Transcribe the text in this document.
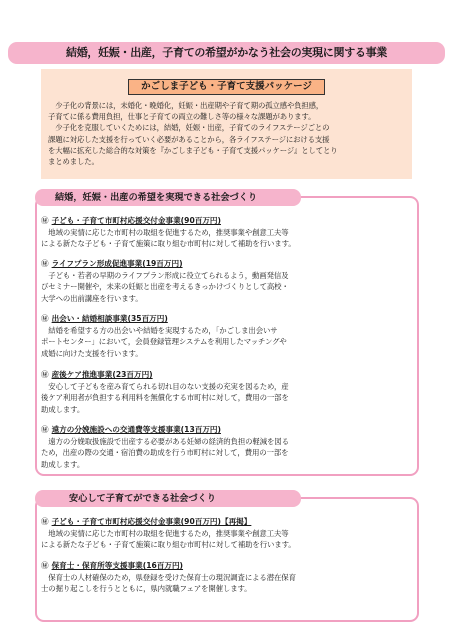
結婚，妊娠・出産，子育ての希望がかなう社会の実現に関する事業
かごしま子ども・子育て支援パッケージ
　少子化の背景には，未婚化・晩婚化，妊娠・出産期や子育て期の孤立感や負担感，
子育てに係る費用負担，仕事と子育ての両立の難しさ等の様々な課題があります。
　少子化を克服していくためには，結婚，妊娠・出産，子育てのライフステージごとの
課題に対応した支援を行っていく必要があることから，各ライフステージにおける支援
を大幅に拡充した総合的な対策を『かごしま子ども・子育て支援パッケージ』としてとり
まとめました。
結婚，妊娠・出産の希望を実現できる社会づくり
㊙ 子ども・子育て市町村応援交付金事業(90百万円)
　地域の実情に応じた市町村の取組を促進するため，推奨事業や創意工夫等
による新たな子ども・子育て施策に取り組む市町村に対して補助を行います。
㊙ ライフプラン形成促進事業(19百万円)
　子ども・若者の早期のライフプラン形成に役立てられるよう，動画発信及
びセミナー開催や，未来の妊娠と出産を考えるきっかけづくりとして高校・
大学への出前講座を行います。
㊙ 出会い・結婚相談事業(35百万円)
　結婚を希望する方の出会いや結婚を実現するため，「かごしま出会いサ
ポートセンター」において，会員登録管理システムを利用したマッチングや
成婚に向けた支援を行います。
㊙ 産後ケア推進事業(23百万円)
　安心して子どもを産み育てられる切れ目のない支援の充実を図るため，産
後ケア利用者が負担する利用料を無償化する市町村に対して，費用の一部を
助成します。
㊙ 遠方の分娩施設への交通費等支援事業(13百万円)
　遠方の分娩取扱施設で出産する必要がある妊婦の経済的負担の軽減を図る
ため，出産の際の交通・宿泊費の助成を行う市町村に対して，費用の一部を
助成します。
安心して子育てができる社会づくり
㊙ 子ども・子育て市町村応援交付金事業(90百万円)【再掲】
　地域の実情に応じた市町村の取組を促進するため，推奨事業や創意工夫等
による新たな子ども・子育て施策に取り組む市町村に対して補助を行います。
㊙ 保育士・保育所等支援事業(16百万円)
　保育士の人材確保のため，県登録を受けた保育士の現況調査による潜在保育
士の掘り起こしを行うとともに，県内就職フェアを開催します。
